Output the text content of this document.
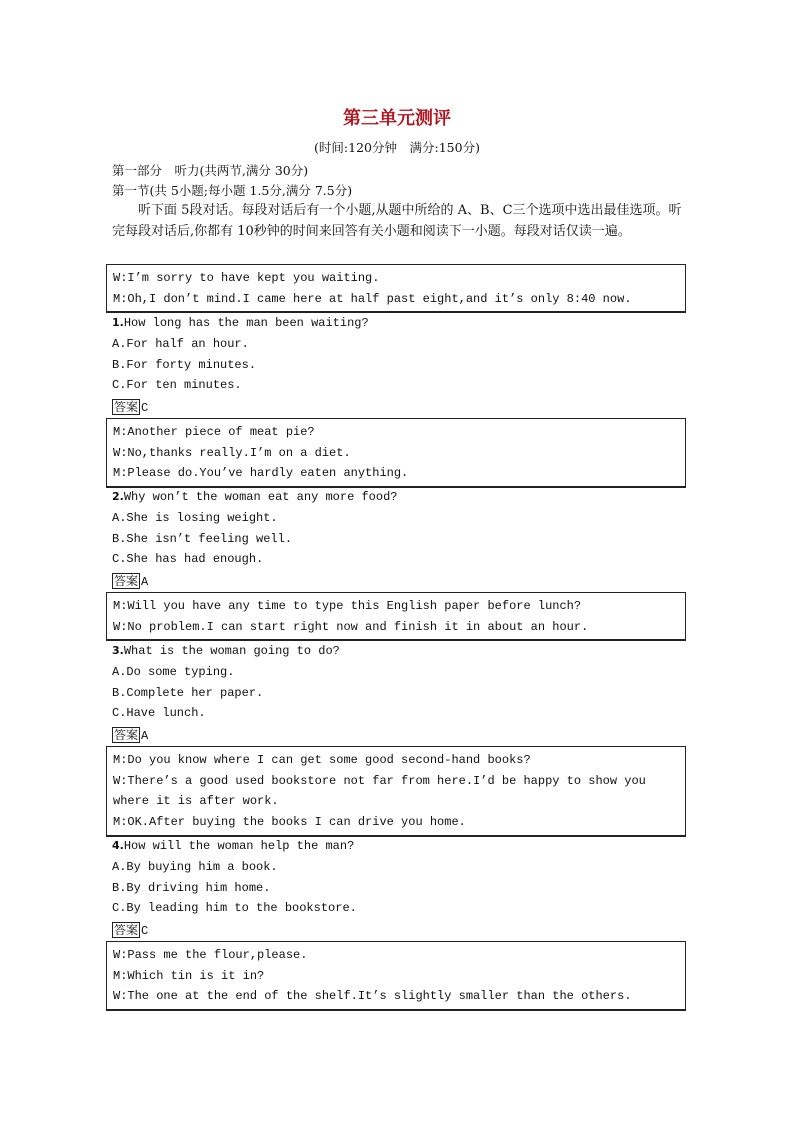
第三单元测评
(时间:120分钟　满分:150分)
第一部分　听力(共两节,满分 30分)
第一节(共 5小题;每小题 1.5分,满分 7.5分)
听下面 5段对话。每段对话后有一个小题,从题中所给的 A、B、C三个选项中选出最佳选项。听完每段对话后,你都有 10秒钟的时间来回答有关小题和阅读下一小题。每段对话仅读一遍。
W:I’m sorry to have kept you waiting.
M:Oh,I don’t mind.I came here at half past eight,and it’s only 8:40 now.
1.How long has the man been waiting?
A.For half an hour.
B.For forty minutes.
C.For ten minutes.
答案 C
M:Another piece of meat pie?
W:No,thanks really.I’m on a diet.
M:Please do.You’ve hardly eaten anything.
2.Why won’t the woman eat any more food?
A.She is losing weight.
B.She isn’t feeling well.
C.She has had enough.
答案 A
M:Will you have any time to type this English paper before lunch?
W:No problem.I can start right now and finish it in about an hour.
3.What is the woman going to do?
A.Do some typing.
B.Complete her paper.
C.Have lunch.
答案 A
M:Do you know where I can get some good second-hand books?
W:There’s a good used bookstore not far from here.I’d be happy to show you where it is after work.
M:OK.After buying the books I can drive you home.
4.How will the woman help the man?
A.By buying him a book.
B.By driving him home.
C.By leading him to the bookstore.
答案 C
W:Pass me the flour,please.
M:Which tin is it in?
W:The one at the end of the shelf.It’s slightly smaller than the others.
